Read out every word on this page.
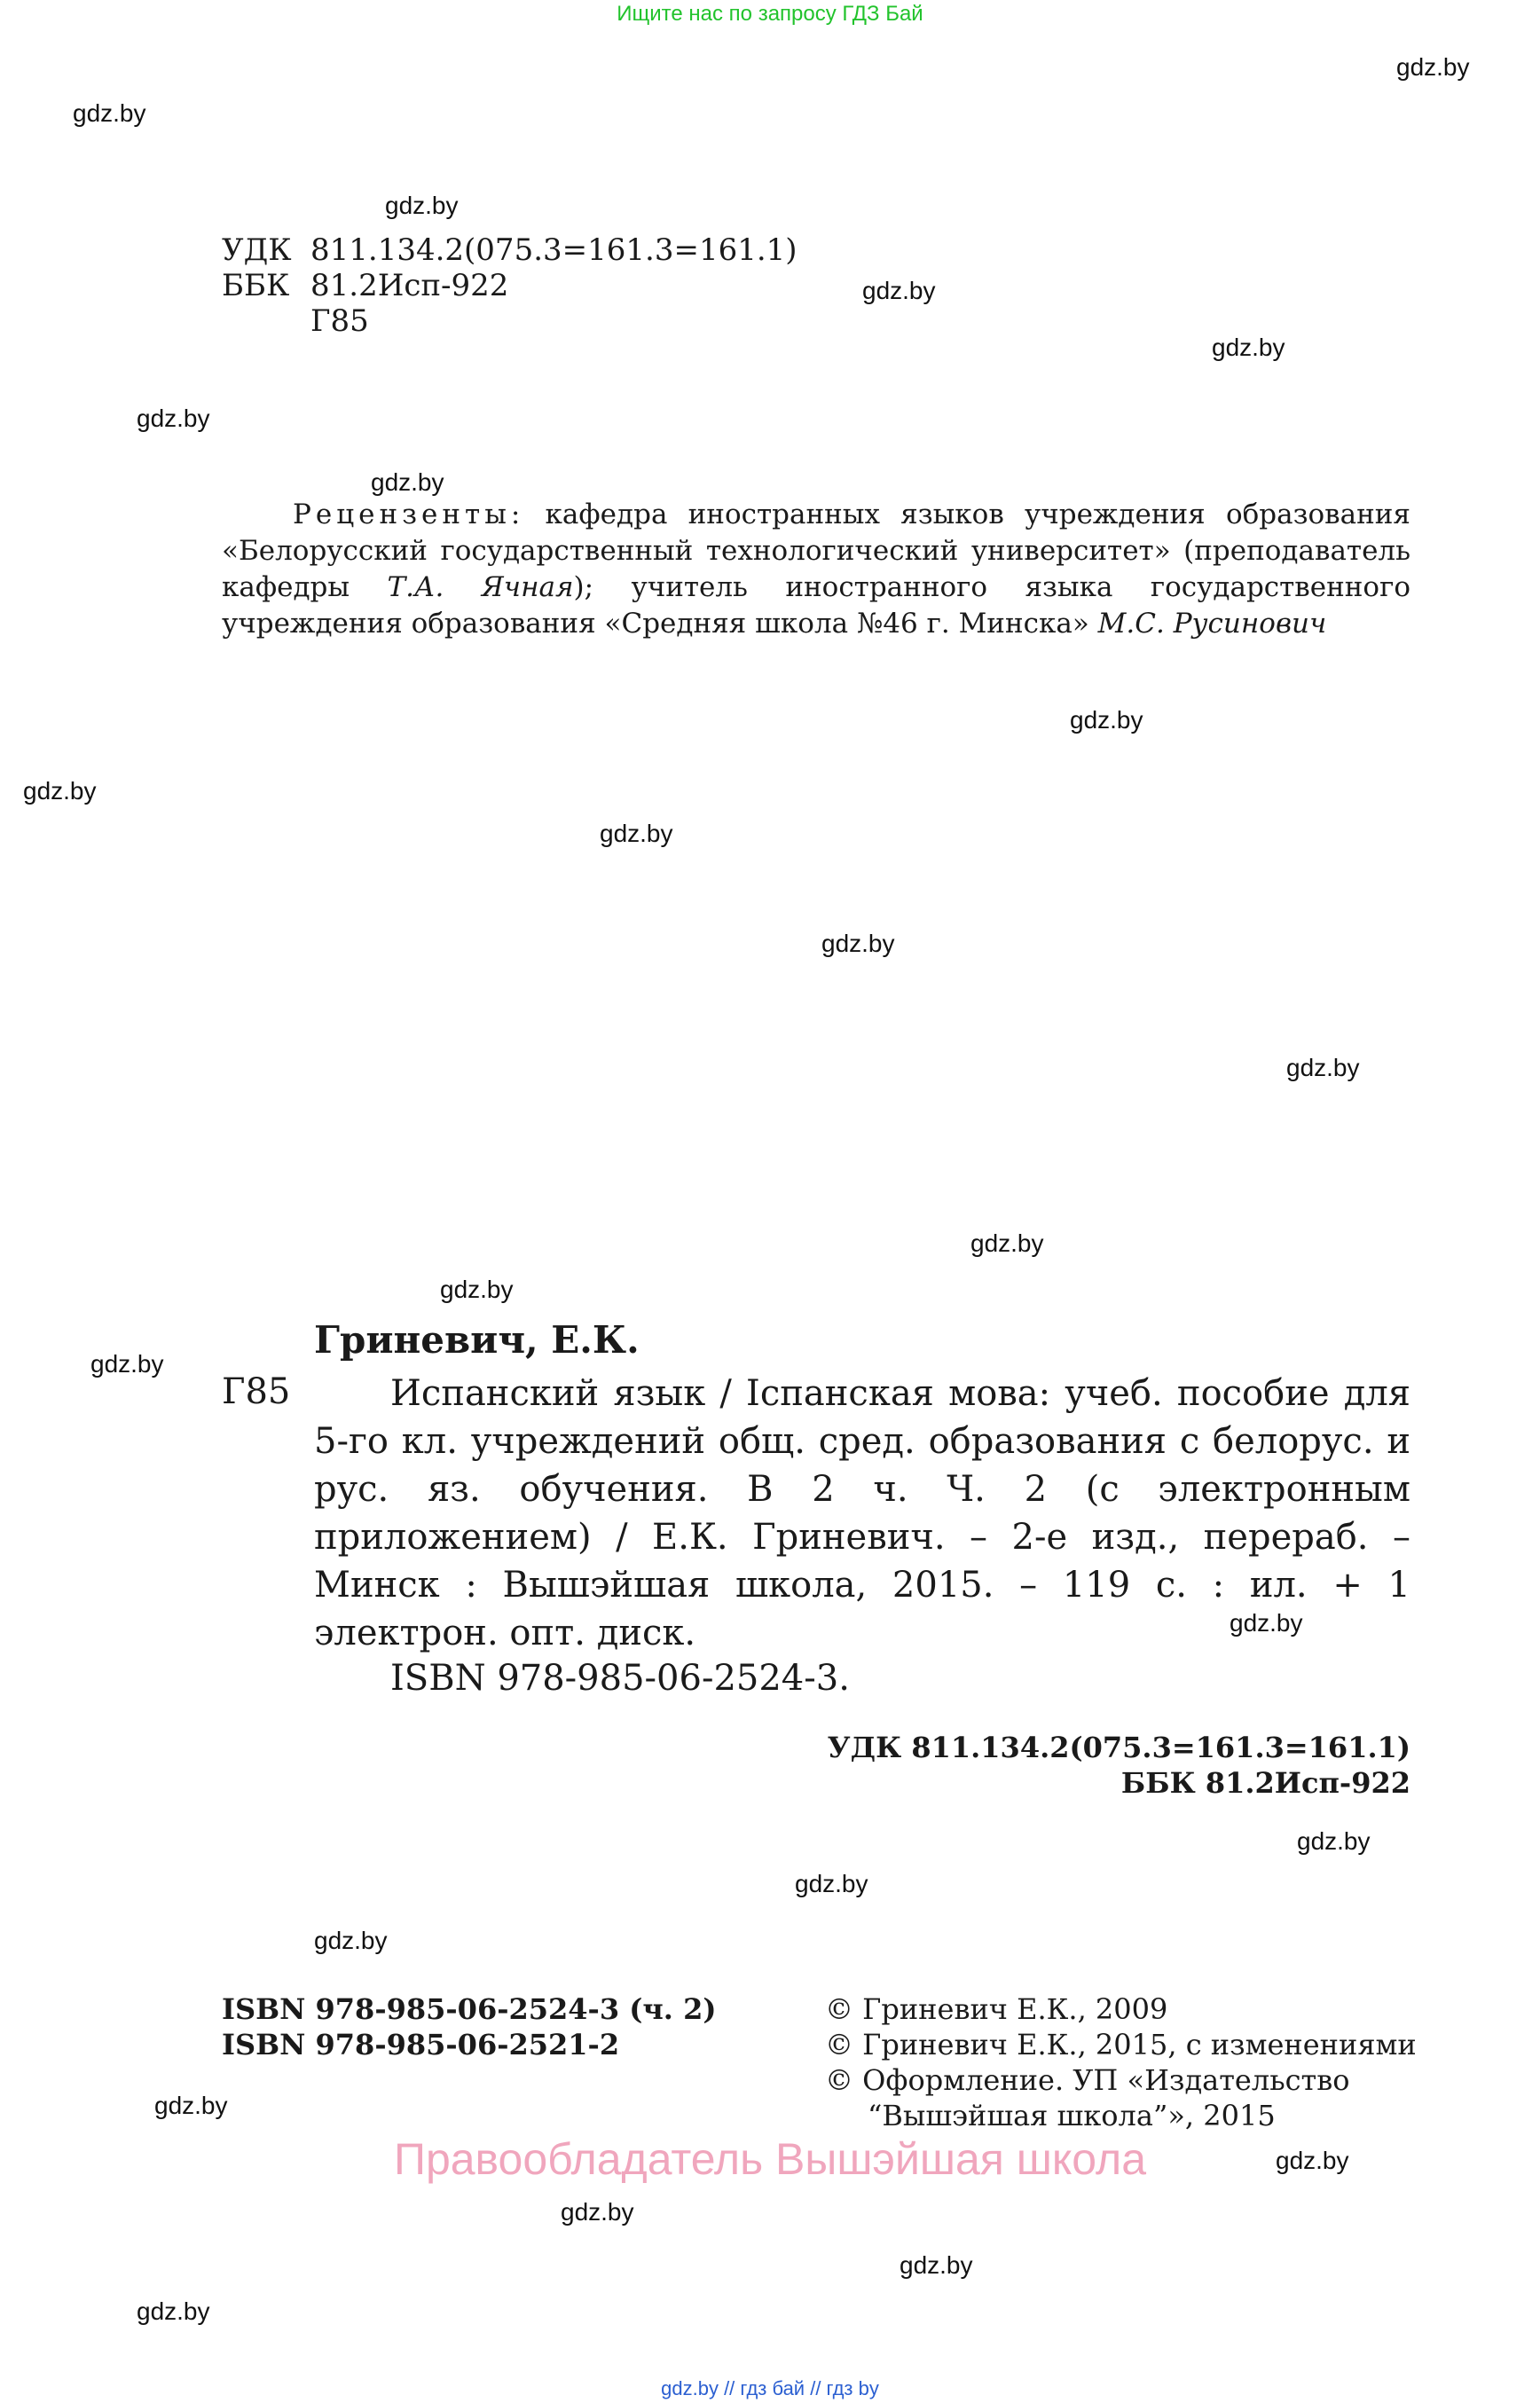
Ищите нас по запросу ГДЗ Бай
gdz.by
gdz.by
gdz.by
gdz.by
gdz.by
gdz.by
gdz.by
gdz.by
gdz.by
gdz.by
gdz.by
gdz.by
gdz.by
gdz.by
gdz.by
gdz.by
gdz.by
gdz.by
gdz.by
gdz.by
gdz.by
gdz.by
gdz.by
gdz.by
УДК 811.134.2(075.3=161.3=161.1)
ББК 81.2Исп-922
Г85
Рецензенты: кафедра иностранных языков учреждения образования «Белорусский государственный технологический университет» (преподаватель кафедры Т.А. Ячная); учитель иностранного языка государственного учреждения образования «Средняя школа №46 г. Минска» М.С. Русинович
Гриневич, Е.К.
Г85	Испанский язык / Іспанская мова: учеб. пособие для 5-го кл. учреждений общ. сред. образования с белорус. и рус. яз. обучения. В 2 ч. Ч. 2 (с электронным приложением) / Е.К. Гриневич. – 2-е изд., перераб. – Минск : Вышэйшая школа, 2015. – 119 с. : ил. + 1 электрон. опт. диск.
ISBN 978-985-06-2524-3.
УДК 811.134.2(075.3=161.3=161.1)
ББК 81.2Исп-922
ISBN 978-985-06-2524-3 (ч. 2)
ISBN 978-985-06-2521-2
© Гриневич Е.К., 2009
© Гриневич Е.К., 2015, с изменениями
© Оформление. УП «Издательство
“Вышэйшая школа”», 2015
Правообладатель Вышэйшая школа
gdz.by // гдз бай // гдз by
